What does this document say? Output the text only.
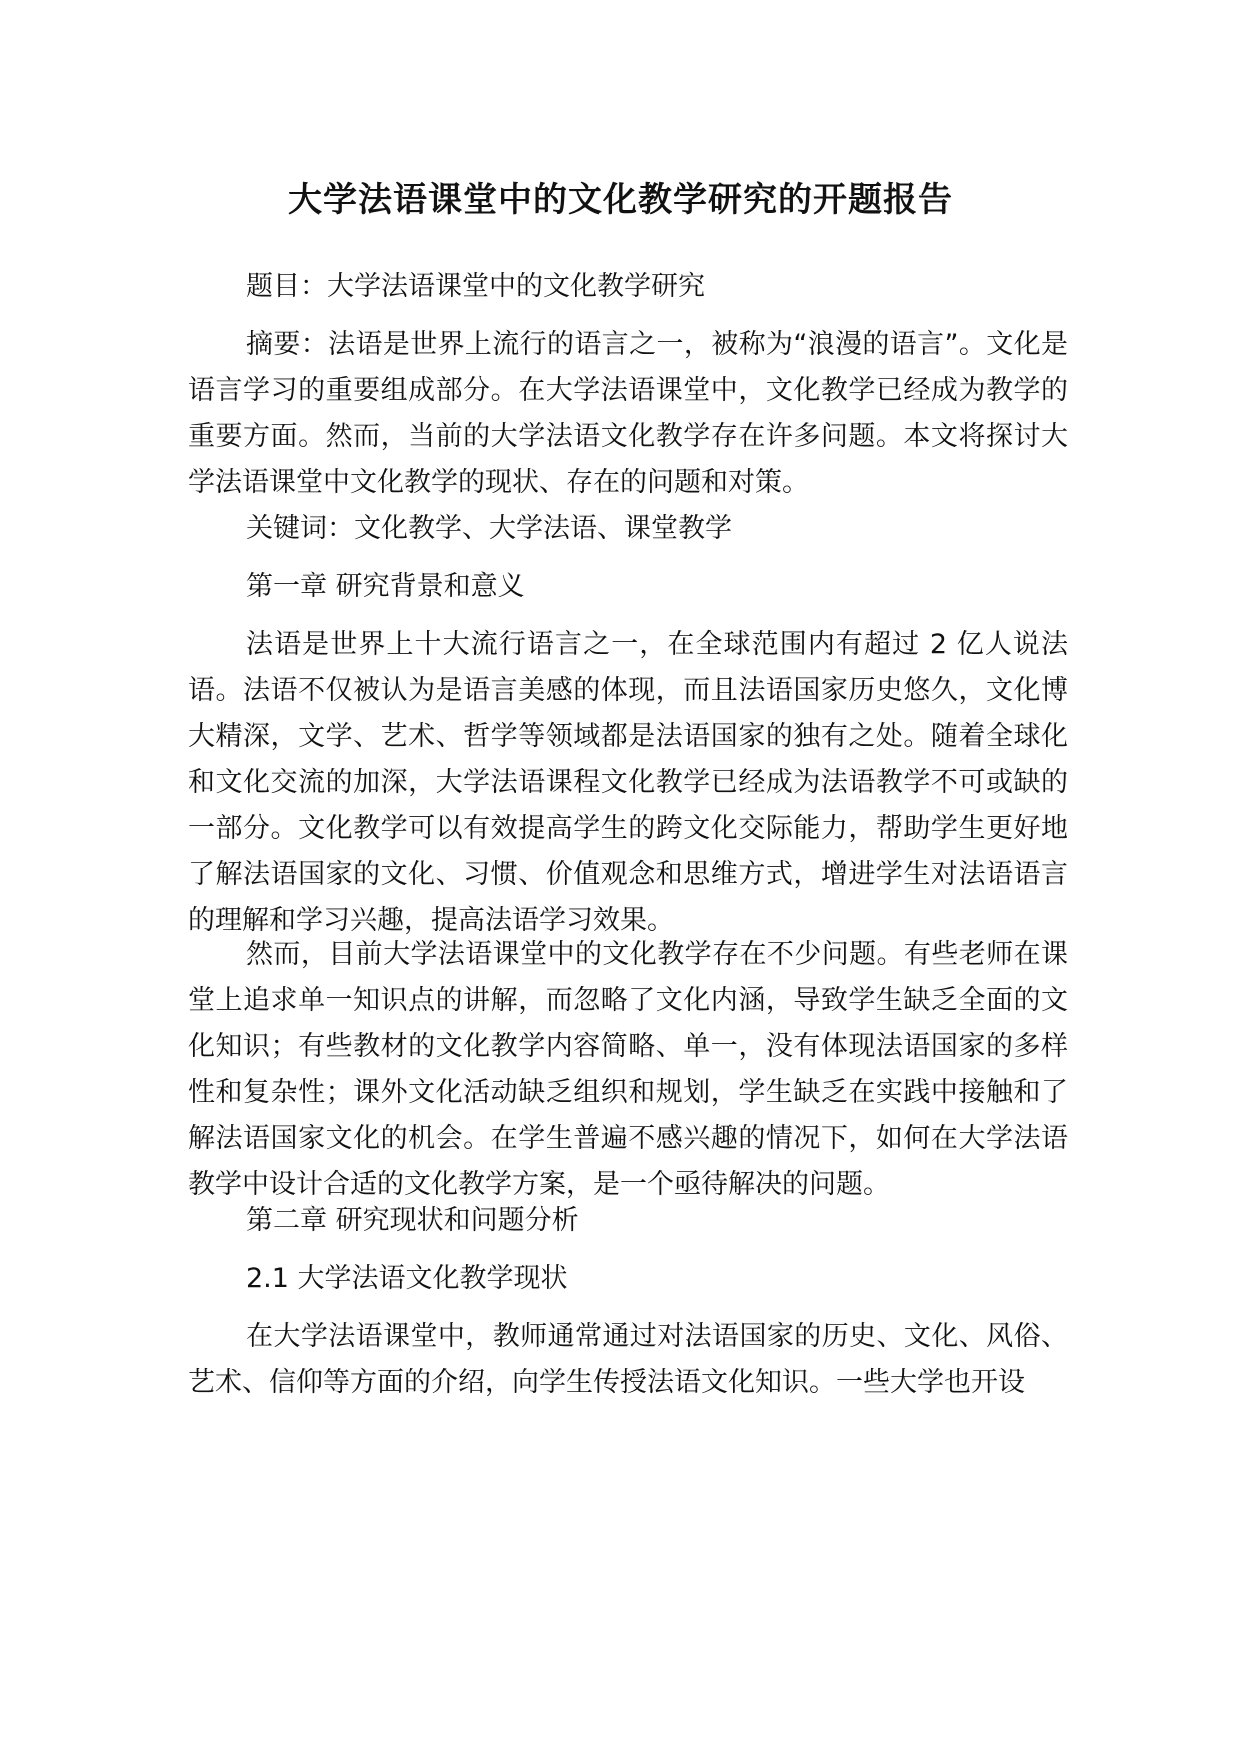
大学法语课堂中的文化教学研究的开题报告

题目：大学法语课堂中的文化教学研究

摘要：法语是世界上流行的语言之一，被称为“浪漫的语言”。文化是语言学习的重要组成部分。在大学法语课堂中，文化教学已经成为教学的重要方面。然而，当前的大学法语文化教学存在许多问题。本文将探讨大学法语课堂中文化教学的现状、存在的问题和对策。

关键词：文化教学、大学法语、课堂教学

第一章 研究背景和意义

法语是世界上十大流行语言之一，在全球范围内有超过 2 亿人说法语。法语不仅被认为是语言美感的体现，而且法语国家历史悠久，文化博大精深，文学、艺术、哲学等领域都是法语国家的独有之处。随着全球化和文化交流的加深，大学法语课程文化教学已经成为法语教学不可或缺的一部分。文化教学可以有效提高学生的跨文化交际能力，帮助学生更好地了解法语国家的文化、习惯、价值观念和思维方式，增进学生对法语语言的理解和学习兴趣，提高法语学习效果。

然而，目前大学法语课堂中的文化教学存在不少问题。有些老师在课堂上追求单一知识点的讲解，而忽略了文化内涵，导致学生缺乏全面的文化知识；有些教材的文化教学内容简略、单一，没有体现法语国家的多样性和复杂性；课外文化活动缺乏组织和规划，学生缺乏在实践中接触和了解法语国家文化的机会。在学生普遍不感兴趣的情况下，如何在大学法语教学中设计合适的文化教学方案，是一个亟待解决的问题。

第二章 研究现状和问题分析

2.1 大学法语文化教学现状

在大学法语课堂中，教师通常通过对法语国家的历史、文化、风俗、艺术、信仰等方面的介绍，向学生传授法语文化知识。一些大学也开设
